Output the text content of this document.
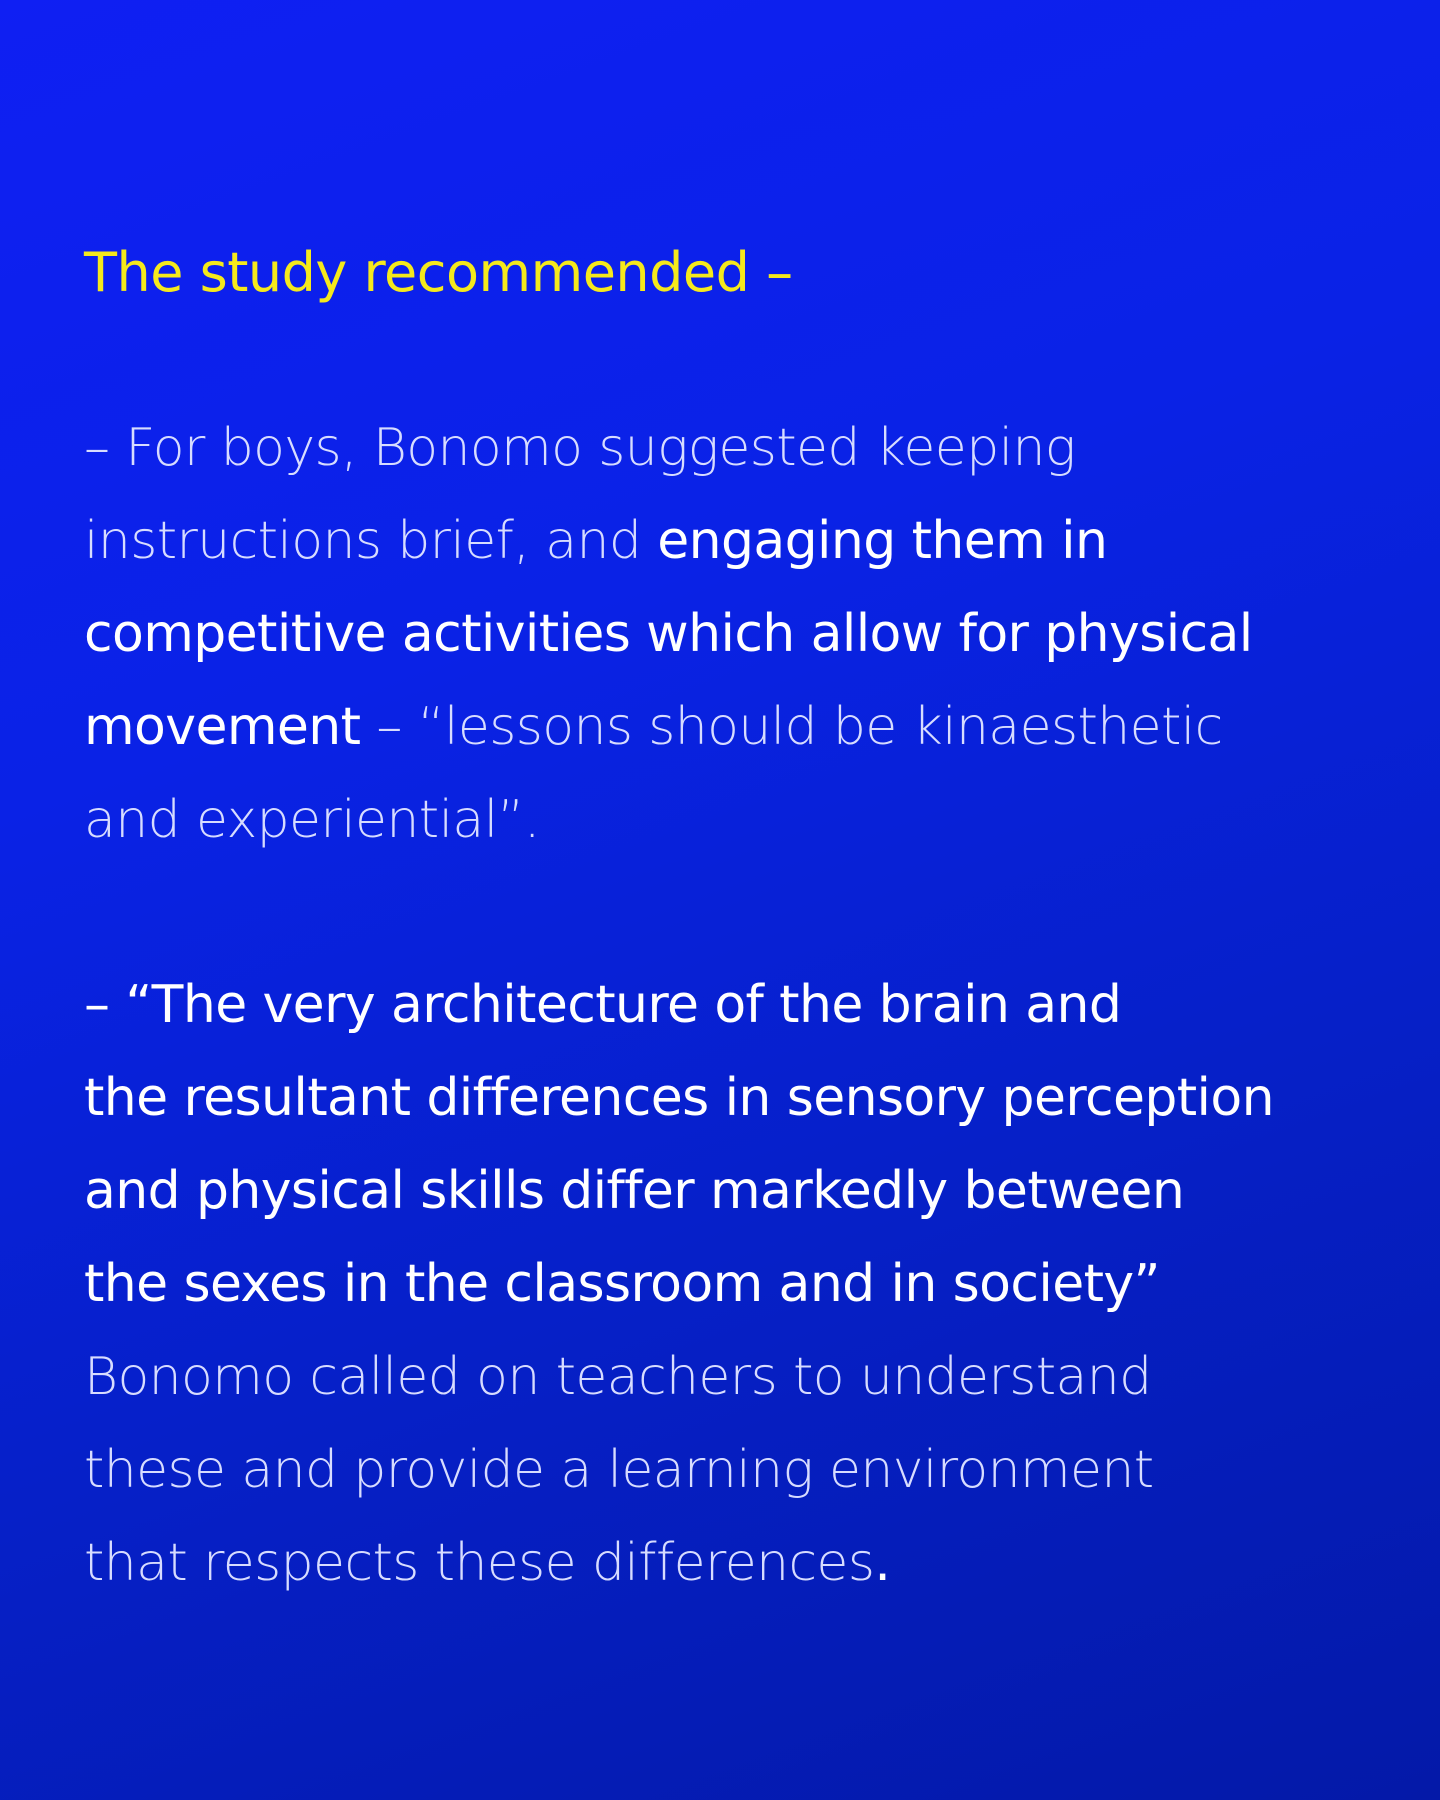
The study recommended –

– For boys, Bonomo suggested keeping
instructions brief, and engaging them in
competitive activities which allow for physical
movement – “lessons should be kinaesthetic
and experiential”.

– “The very architecture of the brain and
the resultant differences in sensory perception
and physical skills differ markedly between
the sexes in the classroom and in society”
Bonomo called on teachers to understand
these and provide a learning environment
that respects these differences.
